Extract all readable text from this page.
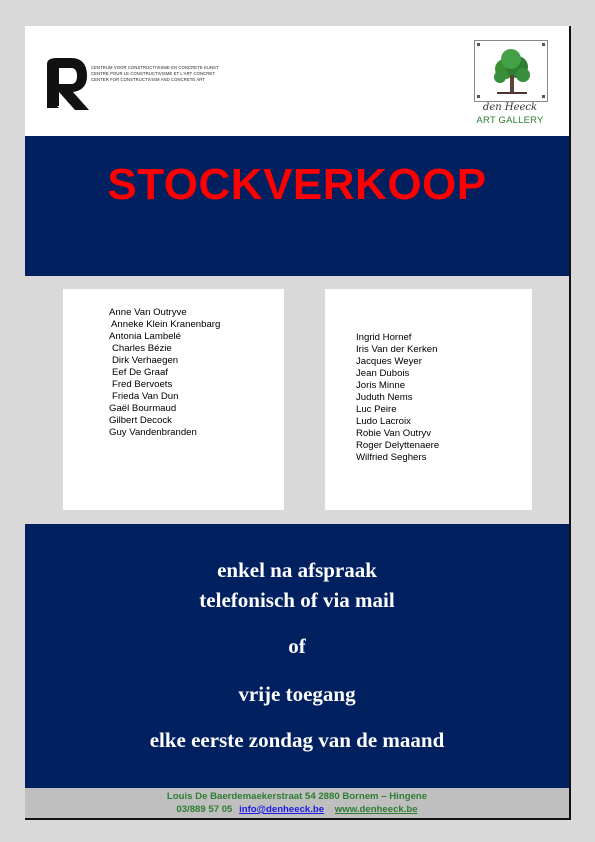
CENTRUM VOOR CONSTRUCTIVISME EN CONCRETE KUNST
CENTRE POUR LE CONSTRUCTIVISME ET L'ART CONCRET
CENTER FOR CONSTRUCTIVISM AND CONCRETE ART
den Heeck
ART GALLERY
STOCKVERKOOP
Anne Van Outryve
Anneke Klein Kranenbarg
Antonia Lambelé
Charles Bézie
Dirk Verhaegen
Eef De Graaf
Fred Bervoets
Frieda Van Dun
Gaël Bourmaud
Gilbert Decock
Guy Vandenbranden
Ingrid Hornef
Iris Van der Kerken
Jacques Weyer
Jean Dubois
Joris Minne
Juduth Nems
Luc Peire
Ludo Lacroix
Robie Van Outryv
Roger Delyttenaere
Wilfried Seghers
enkel na afspraak
telefonisch of via mail
of
vrije toegang
elke eerste zondag van de maand
Louis De Baerdemaekerstraat 54 2880 Bornem – Hingene
03/889 57 05 info@denheeck.be www.denheeck.be
